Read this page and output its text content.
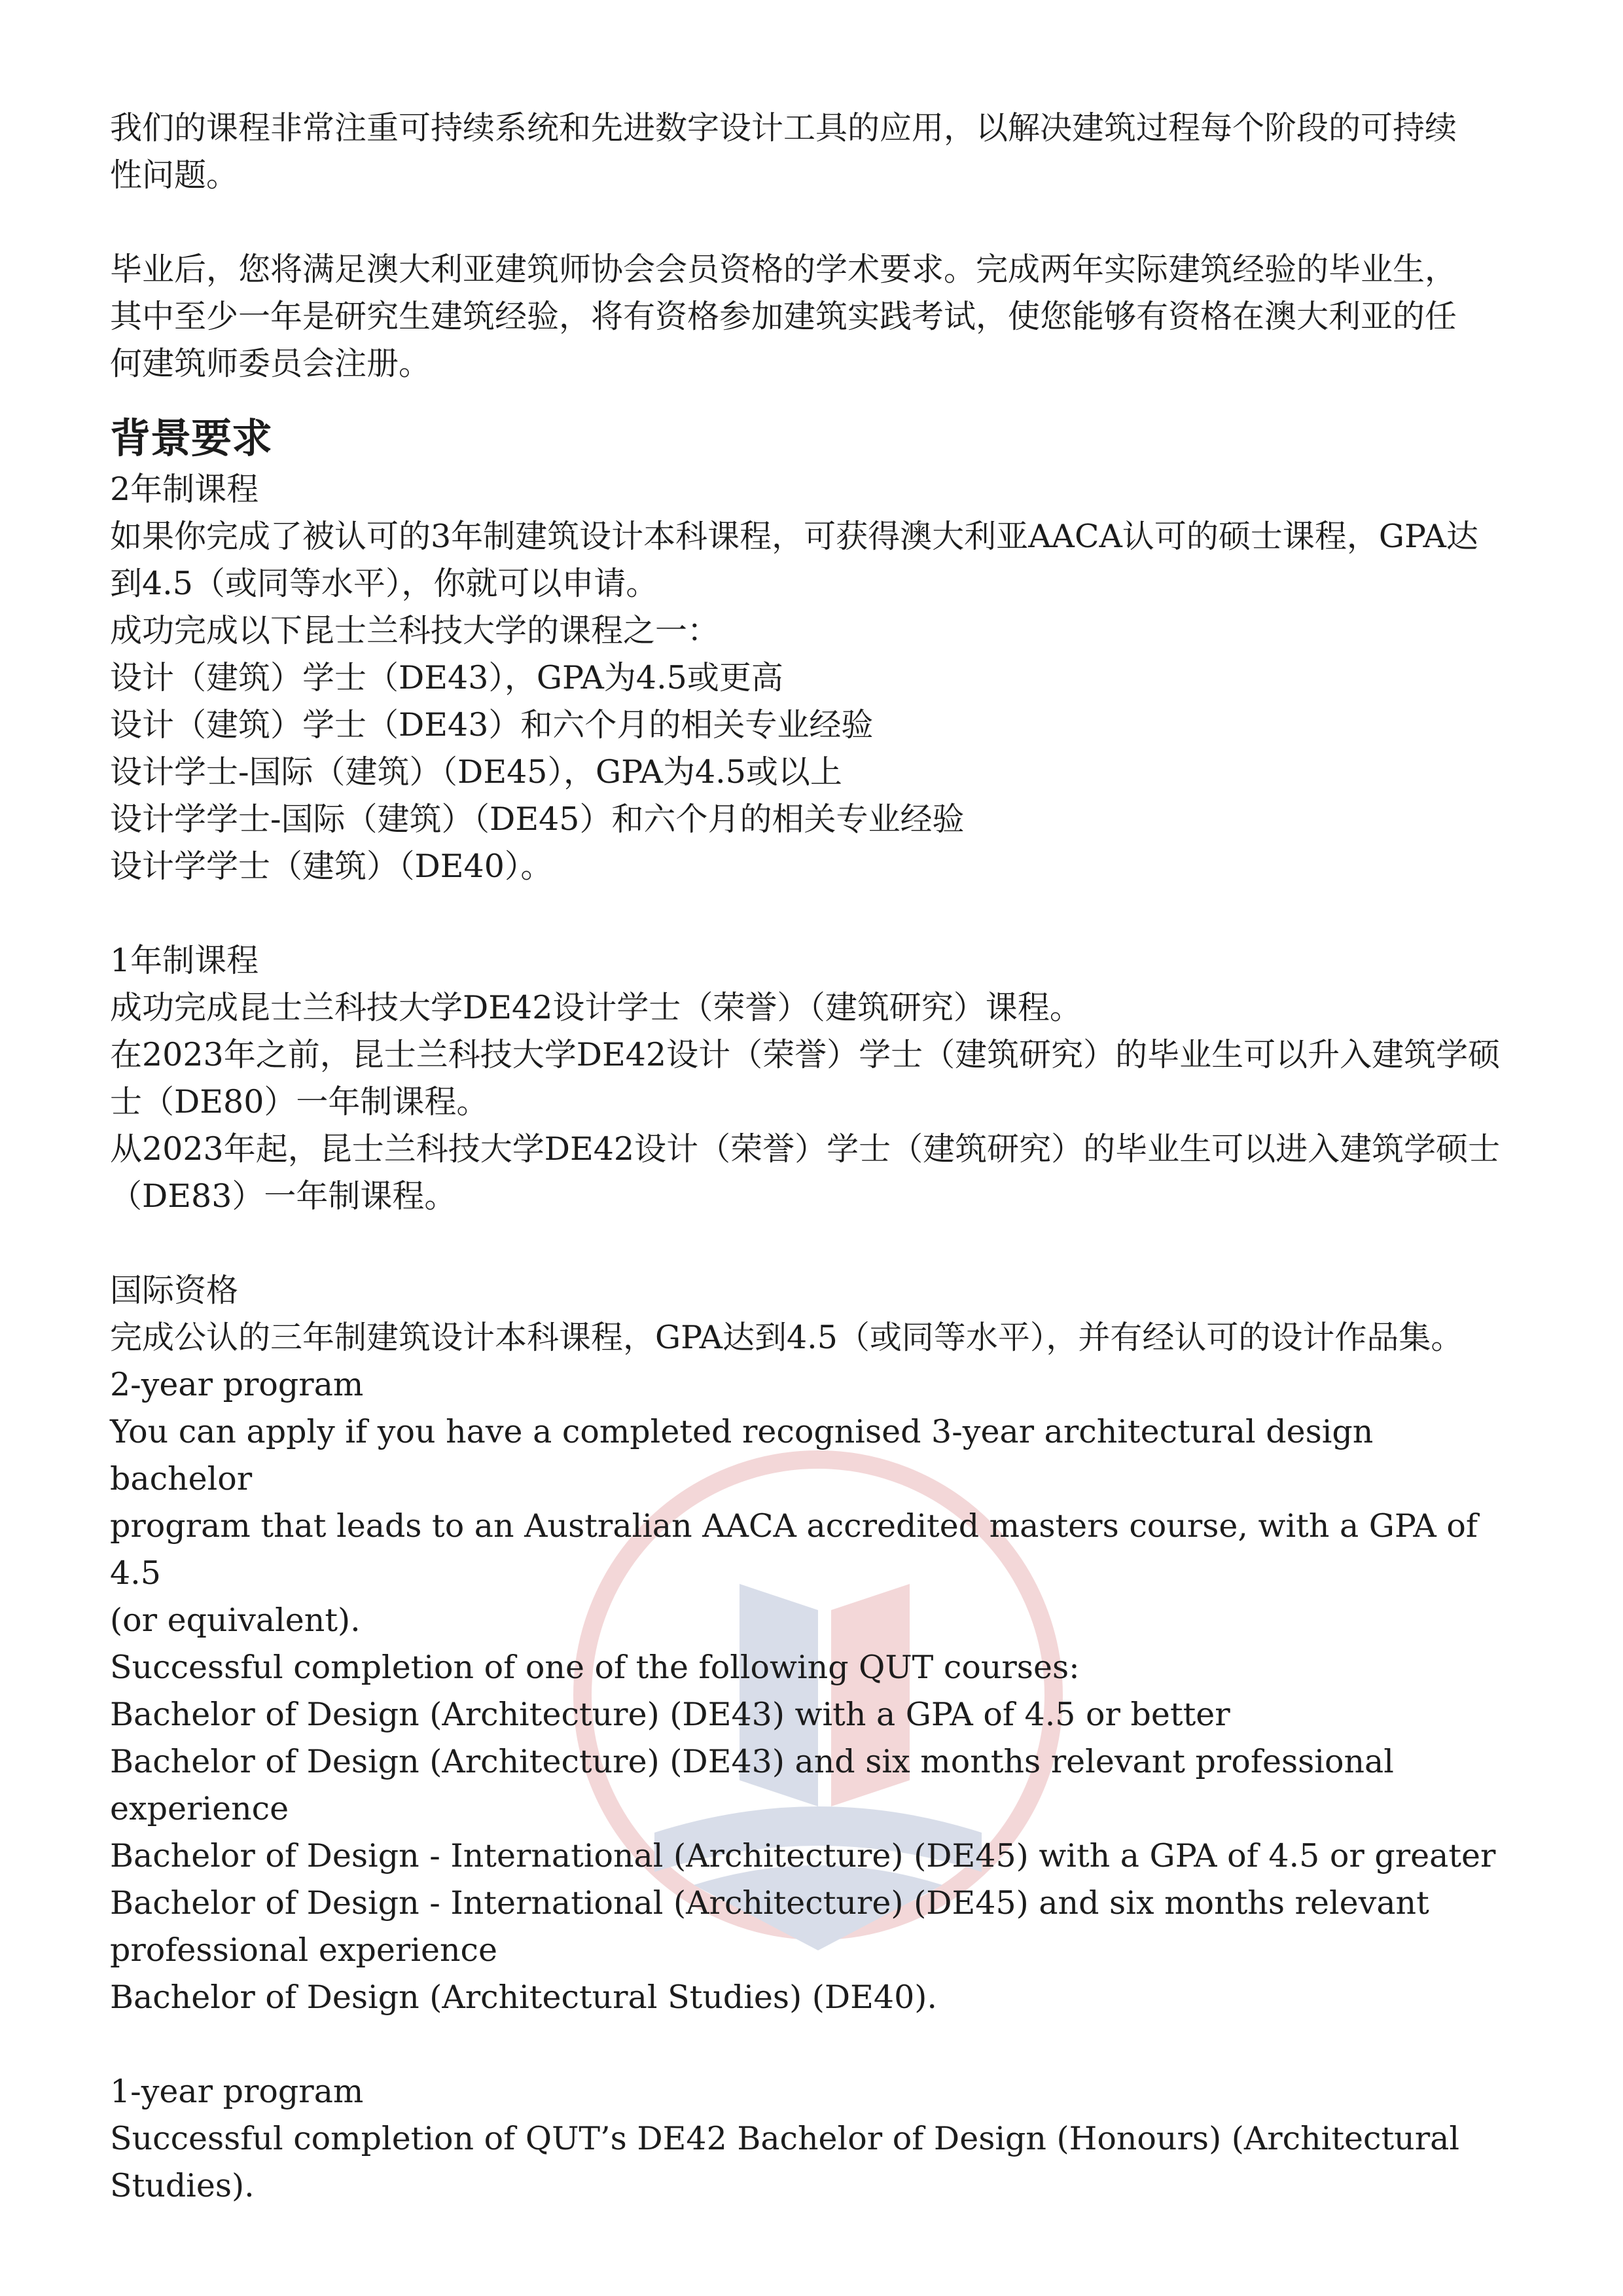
我们的课程非常注重可持续系统和先进数字设计工具的应用，以解决建筑过程每个阶段的可持续
性问题。

毕业后，您将满足澳大利亚建筑师协会会员资格的学术要求。完成两年实际建筑经验的毕业生，
其中至少一年是研究生建筑经验，将有资格参加建筑实践考试，使您能够有资格在澳大利亚的任
何建筑师委员会注册。

背景要求

2年制课程
如果你完成了被认可的3年制建筑设计本科课程，可获得澳大利亚AACA认可的硕士课程，GPA达
到4.5（或同等水平），你就可以申请。
成功完成以下昆士兰科技大学的课程之一：
设计（建筑）学士（DE43），GPA为4.5或更高
设计（建筑）学士（DE43）和六个月的相关专业经验
设计学士-国际（建筑）（DE45），GPA为4.5或以上
设计学学士-国际（建筑）（DE45）和六个月的相关专业经验
设计学学士（建筑）（DE40）。

1年制课程
成功完成昆士兰科技大学DE42设计学士（荣誉）（建筑研究）课程。
在2023年之前，昆士兰科技大学DE42设计（荣誉）学士（建筑研究）的毕业生可以升入建筑学硕
士（DE80）一年制课程。
从2023年起，昆士兰科技大学DE42设计（荣誉）学士（建筑研究）的毕业生可以进入建筑学硕士
（DE83）一年制课程。

国际资格
完成公认的三年制建筑设计本科课程，GPA达到4.5（或同等水平），并有经认可的设计作品集。

2-year program
You can apply if you have a completed recognised 3-year architectural design bachelor
program that leads to an Australian AACA accredited masters course, with a GPA of 4.5
(or equivalent).
Successful completion of one of the following QUT courses:
Bachelor of Design (Architecture) (DE43) with a GPA of 4.5 or better
Bachelor of Design (Architecture) (DE43) and six months relevant professional
experience
Bachelor of Design - International (Architecture) (DE45) with a GPA of 4.5 or greater
Bachelor of Design - International (Architecture) (DE45) and six months relevant
professional experience
Bachelor of Design (Architectural Studies) (DE40).

1-year program
Successful completion of QUT’s DE42 Bachelor of Design (Honours) (Architectural
Studies).
